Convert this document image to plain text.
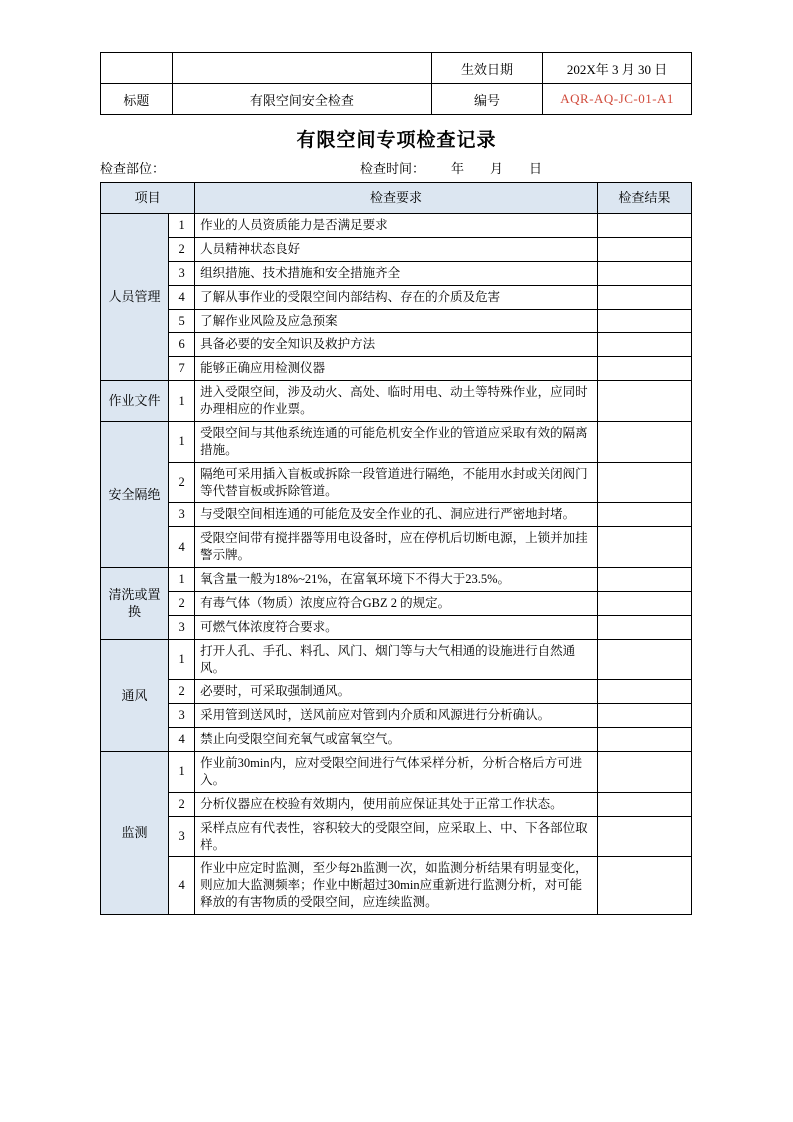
		生效日期	202X年 3 月 30 日
标题	有限空间安全检查	编号	AQR-AQ-JC-01-A1
有限空间专项检查记录
检查部位：	检查时间： 年 月 日
项目		检查要求	检查结果
人员管理	1	作业的人员资质能力是否满足要求	
	2	人员精神状态良好	
	3	组织措施、技术措施和安全措施齐全	
	4	了解从事作业的受限空间内部结构、存在的介质及危害	
	5	了解作业风险及应急预案	
	6	具备必要的安全知识及救护方法	
	7	能够正确应用检测仪器	
作业文件	1	进入受限空间，涉及动火、高处、临时用电、动土等特殊作业，应同时办理相应的作业票。	
安全隔绝	1	受限空间与其他系统连通的可能危机安全作业的管道应采取有效的隔离措施。	
	2	隔绝可采用插入盲板或拆除一段管道进行隔绝，不能用水封或关闭阀门等代替盲板或拆除管道。	
	3	与受限空间相连通的可能危及安全作业的孔、洞应进行严密地封堵。	
	4	受限空间带有搅拌器等用电设备时，应在停机后切断电源，上锁并加挂警示牌。	
清洗或置换	1	氧含量一般为18%~21%，在富氧环境下不得大于23.5%。	
	2	有毒气体（物质）浓度应符合GBZ 2 的规定。	
	3	可燃气体浓度符合要求。	
通风	1	打开人孔、手孔、料孔、风门、烟门等与大气相通的设施进行自然通风。	
	2	必要时，可采取强制通风。	
	3	采用管到送风时，送风前应对管到内介质和风源进行分析确认。	
	4	禁止向受限空间充氧气或富氧空气。	
监测	1	作业前30min内，应对受限空间进行气体采样分析，分析合格后方可进入。	
	2	分析仪器应在校验有效期内，使用前应保证其处于正常工作状态。	
	3	采样点应有代表性，容积较大的受限空间，应采取上、中、下各部位取样。	
	4	作业中应定时监测，至少每2h监测一次，如监测分析结果有明显变化，则应加大监测频率；作业中断超过30min应重新进行监测分析，对可能释放的有害物质的受限空间，应连续监测。	
